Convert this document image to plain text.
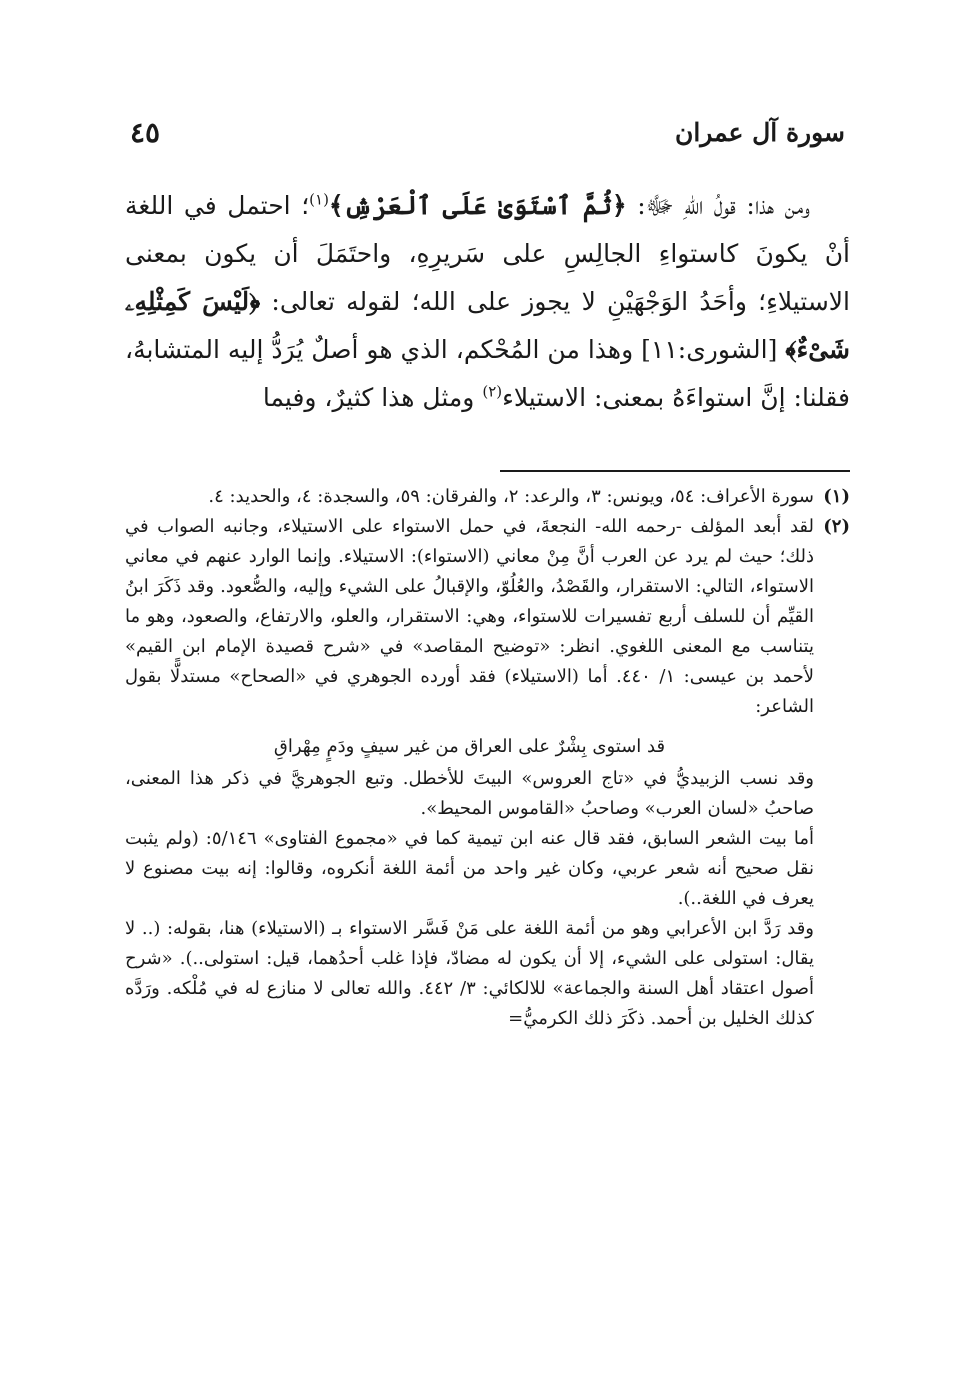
سورة آل عمران
٤٥

ومن هذا: قولُ اللهِ ﷻ: ﴿ثُمَّ ٱسْتَوَىٰ عَلَى ٱلْعَرْشِ﴾$^{(١)}$؛ احتمل في اللغة أنْ يكونَ كاستواءِ الجالِسِ على سَريرِهِ، واحتَمَلَ أن يكون بمعنى الاستيلاءِ؛ وأحَدُ الوَجْهَيْنِ لا يجوز على الله؛ لقوله تعالى: ﴿لَيْسَ كَمِثْلِهِۦ شَىْءٌ﴾ [الشورى:١١] وهذا من المُحْكم، الذي هو أصلٌ يُرَدُّ إليه المتشابهُ، فقلنا: إنَّ استواءَهُ بمعنى: الاستيلاء$^{(٢)}$ ومثل هذا كثيرٌ، وفيما

(١)

سورة الأعراف: ٥٤، ويونس: ٣، والرعد: ٢، والفرقان: ٥٩، والسجدة: ٤، والحديد: ٤.

(٢)

لقد أبعد المؤلف -رحمه الله- النجعةَ، في حمل الاستواء على الاستيلاء، وجانبه الصواب في ذلك؛ حيث لم يرد عن العرب أنَّ مِنْ معاني (الاستواء): الاستيلاء. وإنما الوارد عنهم في معاني الاستواء، التالي: الاستقرار، والقَصْدُ، والعُلُوّ، والإقبالُ على الشيء وإليه، والصُّعود. وقد ذَكَرَ ابنُ القيِّم أن للسلف أربع تفسيرات للاستواء، وهي: الاستقرار، والعلو، والارتفاع، والصعود، وهو ما يتناسب مع المعنى اللغوي. انظر: «توضيح المقاصد» في «شرح قصيدة الإمام ابن القيم» لأحمد بن عيسى: ١/ ٤٤٠. أما (الاستيلاء) فقد أورده الجوهري في «الصحاح» مستدلًّا بقول الشاعر:

قد استوى بِشْرٌ على العراق من غير سيفٍ ودَمٍ مِهْراقِ

وقد نسب الزبيديُّ في «تاج العروس» البيتَ للأخطل. وتبع الجوهريَّ في ذكر هذا المعنى، صاحبُ «لسان العرب» وصاحبُ «القاموس المحيط».

أما بيت الشعر السابق، فقد قال عنه ابن تيمية كما في «مجموع الفتاوى» ٥/١٤٦: (ولم يثبت نقل صحيح أنه شعر عربي، وكان غير واحد من أئمة اللغة أنكروه، وقالوا: إنه بيت مصنوع لا يعرف في اللغة..).

وقد رَدَّ ابن الأعرابي وهو من أئمة اللغة على مَنْ فَسَّر الاستواء بـ (الاستيلاء) هنا، بقوله: (.. لا يقال: استولى على الشيء، إلا أن يكون له مضادّ، فإذا غلب أحدُهما، قيل: استولى..). «شرح أصول اعتقاد أهل السنة والجماعة» للالكائي: ٣/ ٤٤٢. والله تعالى لا منازع له في مُلْكه. ورَدَّه كذلك الخليل بن أحمد. ذكَرَ ذلك الكرميُّ=
